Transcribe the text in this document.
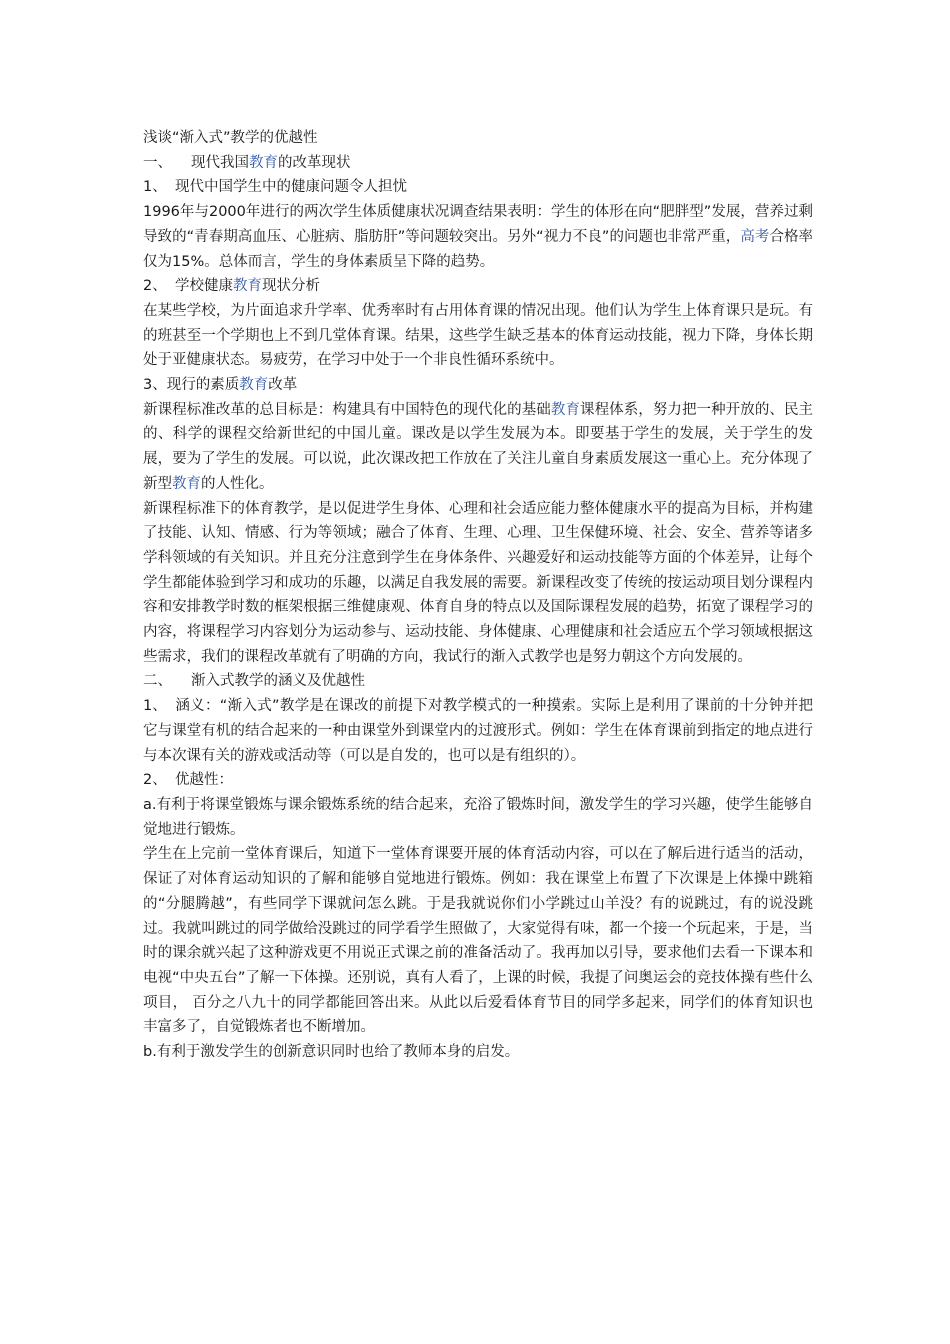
浅谈“渐入式”教学的优越性

一、 现代我国教育的改革现状

1、 现代中国学生中的健康问题令人担忧

1996年与2000年进行的两次学生体质健康状况调查结果表明：学生的体形在向“肥胖型”发展，营养过剩导致的“青春期高血压、心脏病、脂肪肝”等问题较突出。另外“视力不良”的问题也非常严重，高考合格率仅为15%。总体而言，学生的身体素质呈下降的趋势。

2、 学校健康教育现状分析

在某些学校，为片面追求升学率、优秀率时有占用体育课的情况出现。他们认为学生上体育课只是玩。有的班甚至一个学期也上不到几堂体育课。结果，这些学生缺乏基本的体育运动技能，视力下降，身体长期处于亚健康状态。易疲劳，在学习中处于一个非良性循环系统中。

3、现行的素质教育改革

新课程标准改革的总目标是：构建具有中国特色的现代化的基础教育课程体系，努力把一种开放的、民主的、科学的课程交给新世纪的中国儿童。课改是以学生发展为本。即要基于学生的发展，关于学生的发展，要为了学生的发展。可以说，此次课改把工作放在了关注儿童自身素质发展这一重心上。充分体现了新型教育的人性化。

新课程标准下的体育教学，是以促进学生身体、心理和社会适应能力整体健康水平的提高为目标，并构建了技能、认知、情感、行为等领域；融合了体育、生理、心理、卫生保健环境、社会、安全、营养等诸多学科领域的有关知识。并且充分注意到学生在身体条件、兴趣爱好和运动技能等方面的个体差异，让每个学生都能体验到学习和成功的乐趣，以满足自我发展的需要。新课程改变了传统的按运动项目划分课程内容和安排教学时数的框架根据三维健康观、体育自身的特点以及国际课程发展的趋势，拓宽了课程学习的内容，将课程学习内容划分为运动参与、运动技能、身体健康、心理健康和社会适应五个学习领域根据这些需求，我们的课程改革就有了明确的方向，我试行的渐入式教学也是努力朝这个方向发展的。

二、 渐入式教学的涵义及优越性

1、 涵义：“渐入式”教学是在课改的前提下对教学模式的一种摸索。实际上是利用了课前的十分钟并把它与课堂有机的结合起来的一种由课堂外到课堂内的过渡形式。例如：学生在体育课前到指定的地点进行与本次课有关的游戏或活动等（可以是自发的，也可以是有组织的）。

2、 优越性：

a.有利于将课堂锻炼与课余锻炼系统的结合起来，充浴了锻炼时间，激发学生的学习兴趣，使学生能够自觉地进行锻炼。

学生在上完前一堂体育课后，知道下一堂体育课要开展的体育活动内容，可以在了解后进行适当的活动，保证了对体育运动知识的了解和能够自觉地进行锻炼。例如：我在课堂上布置了下次课是上体操中跳箱的“分腿腾越”，有些同学下课就问怎么跳。于是我就说你们小学跳过山羊没？有的说跳过，有的说没跳过。我就叫跳过的同学做给没跳过的同学看学生照做了，大家觉得有味，都一个接一个玩起来，于是，当时的课余就兴起了这种游戏更不用说正式课之前的准备活动了。我再加以引导，要求他们去看一下课本和电视“中央五台”了解一下体操。还别说，真有人看了，上课的时候，我提了问奥运会的竞技体操有些什么项目， 百分之八九十的同学都能回答出来。从此以后爱看体育节目的同学多起来，同学们的体育知识也丰富多了，自觉锻炼者也不断增加。

b.有利于激发学生的创新意识同时也给了教师本身的启发。
